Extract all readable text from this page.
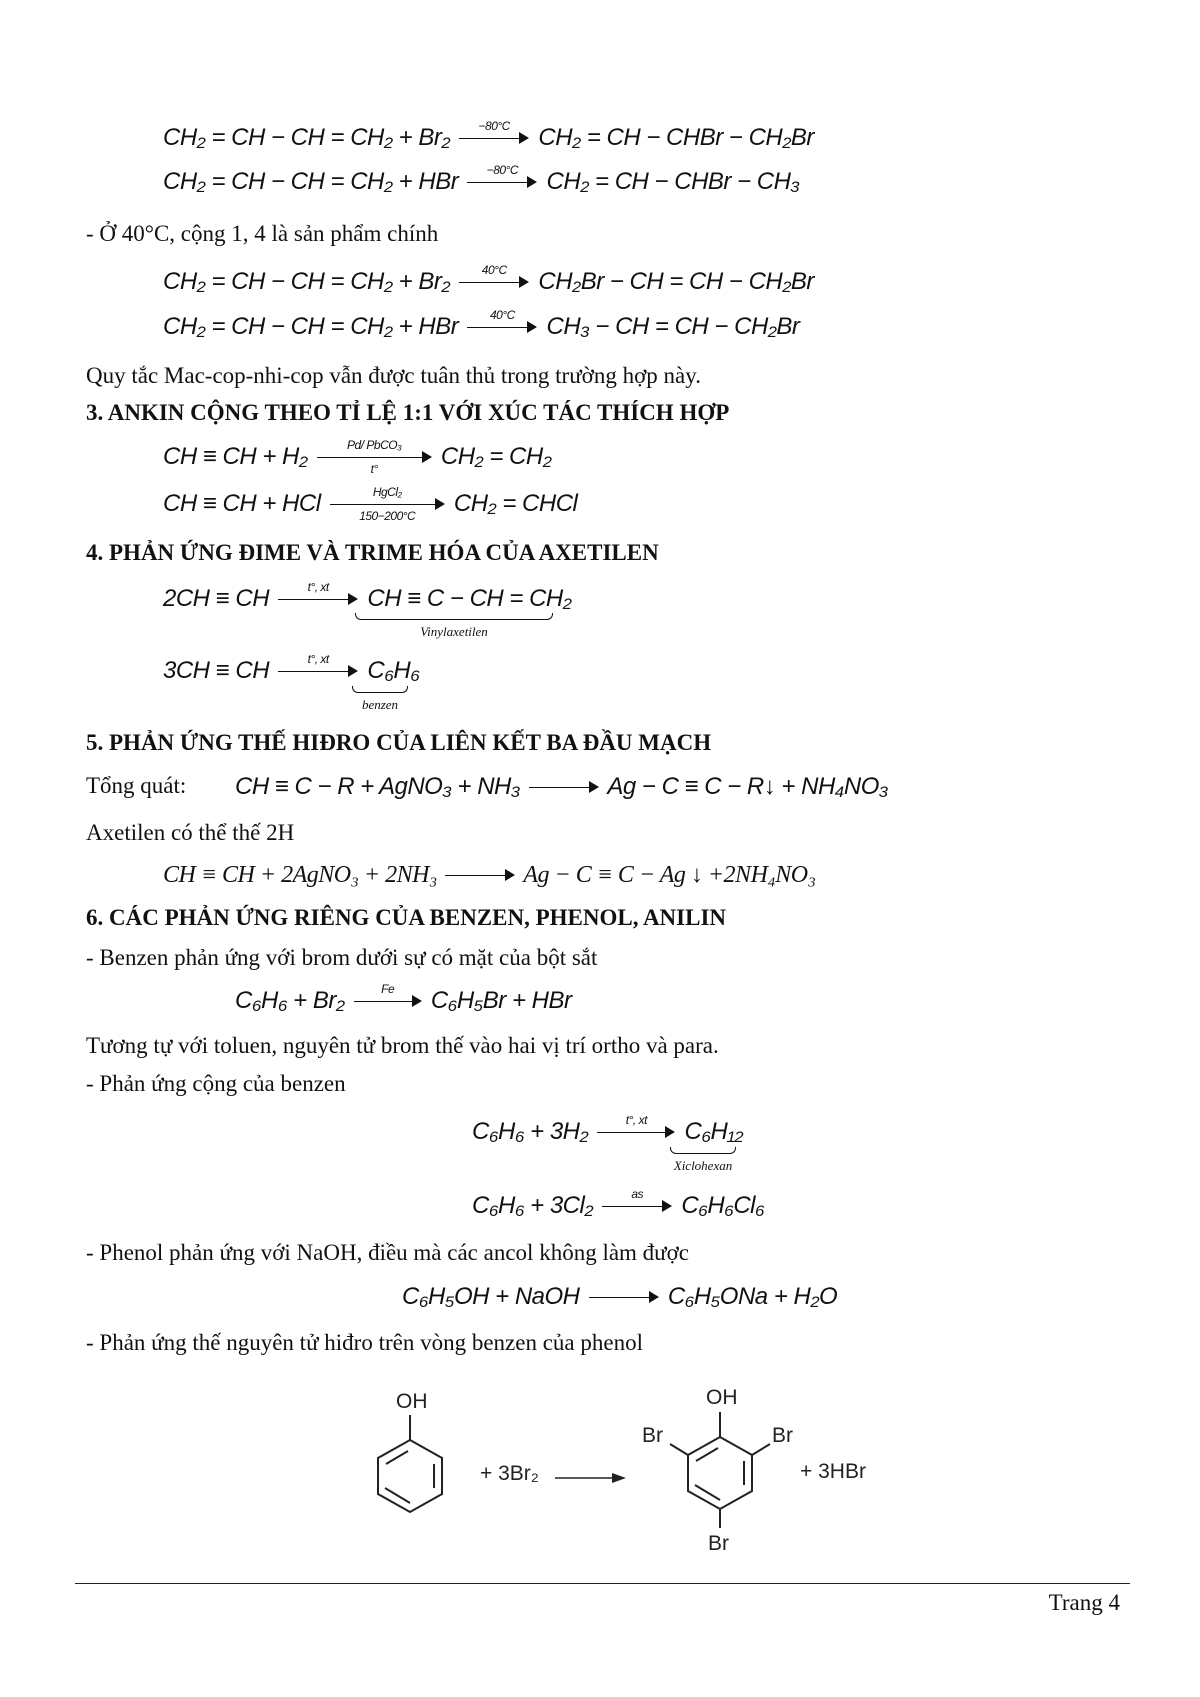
CH₂ = CH − CH = CH₂ + Br₂	−80°C	CH₂ = CH − CHBr − CH₂Br
CH₂ = CH − CH = CH₂ + HBr	−80°C	CH₂ = CH − CHBr − CH₃
- Ở 40°C, cộng 1, 4 là sản phẩm chính
CH₂ = CH − CH = CH₂ + Br₂	40°C	CH₂Br − CH = CH − CH₂Br
CH₂ = CH − CH = CH₂ + HBr	40°C	CH₃ − CH = CH − CH₂Br
Quy tắc Mac-cop-nhi-cop vẫn được tuân thủ trong trường hợp này.
3. ANKIN CỘNG THEO TỈ LỆ 1:1 VỚI XÚC TÁC THÍCH HỢP
CH ≡ CH + H₂	Pd/ PbCO₃
t°	CH₂ = CH₂
CH ≡ CH + HCl	HgCl₂
150−200°C	CH₂ = CHCl
4. PHẢN ỨNG ĐIME VÀ TRIME HÓA CỦA AXETILEN
2CH ≡ CH	t°, xt	CH ≡ C − CH = CH₂
Vinylaxetilen
3CH ≡ CH	t°, xt	C₆H₆
benzen
5. PHẢN ỨNG THẾ HIĐRO CỦA LIÊN KẾT BA ĐẦU MẠCH
Tổng quát: CH ≡ C − R + AgNO₃ + NH₃	Ag − C ≡ C − R↓ + NH₄NO₃
Axetilen có thể thế 2H
CH ≡ CH + 2AgNO₃ + 2NH₃	Ag − C ≡ C − Ag ↓ +2NH₄NO₃
6. CÁC PHẢN ỨNG RIÊNG CỦA BENZEN, PHENOL, ANILIN
- Benzen phản ứng với brom dưới sự có mặt của bột sắt
C₆H₆ + Br₂	Fe	C₆H₅Br + HBr
Tương tự với toluen, nguyên tử brom thế vào hai vị trí ortho và para.
- Phản ứng cộng của benzen
C₆H₆ + 3H₂	t°, xt	C₆H₁₂
Xiclohexan
C₆H₆ + 3Cl₂	as	C₆H₆Cl₆
- Phenol phản ứng với NaOH, điều mà các ancol không làm được
C₆H₅OH + NaOH	C₆H₅ONa + H₂O
- Phản ứng thế nguyên tử hiđro trên vòng benzen của phenol
OH
+ 3Br₂
OH
Br
Br
Br
+ 3HBr
Trang 4
